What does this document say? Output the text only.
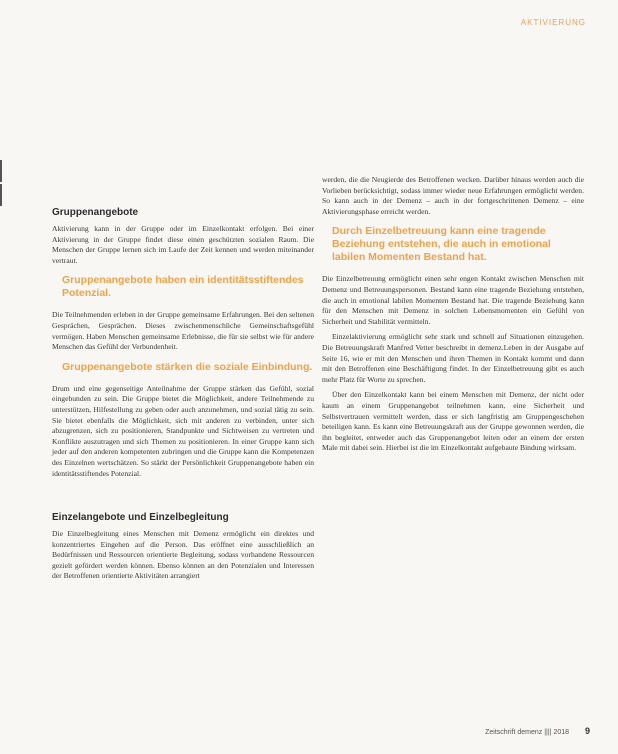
AKTIVIERUNG
Gruppenangebote

Aktivierung kann in der Gruppe oder im Einzelkontakt erfolgen. Bei einer Aktivierung in der Gruppe findet diese einen geschützten sozialen Raum. Die Menschen der Gruppe lernen sich im Laufe der Zeit kennen und werden miteinander vertraut.

Gruppenangebote haben ein identitätsstiftendes Potenzial.

Die Teilnehmenden erleben in der Gruppe gemeinsame Erfahrungen. Bei den seltenen Gesprächen, Gesprächen. Dieses zwischenmenschliche Gemeinschaftsgefühl vermögen. Haben Menschen gemeinsame Erlebnisse, die für sie selbst wie für andere Menschen das Gefühl der Verbundenheit.

Gruppenangebote stärken die soziale Einbindung.

Drum und eine gegenseitige Anteilnahme der Gruppe stärken das Gefühl, sozial eingebunden zu sein. Die Gruppe bietet die Möglichkeit, andere Teilnehmende zu unterstützen, Hilfestellung zu geben oder auch anzunehmen, und sozial tätig zu sein. Sie bietet ebenfalls die Möglichkeit, sich mit anderen zu verbinden, unter sich abzugrenzen, sich zu positionieren, Standpunkte und Sichtweisen zu vertreten und Konflikte auszutragen und sich Themen zu positionieren. In einer Gruppe kann sich jeder auf den anderen kompetenten zubringen und die Gruppe kann die Kompetenzen des Einzelnen wertschätzen. So stärkt der Persönlichkeit Gruppenangebote haben ein identitätsstiftendes Potenzial.

Einzelangebote und Einzelbegleitung

Die Einzelbegleitung eines Menschen mit Demenz ermöglicht ein direktes und konzentriertes Eingehen auf die Person. Das eröffnet eine ausschließlich an Bedürfnissen und Ressourcen orientierte Begleitung, sodass vorhandene Ressourcen gezielt gefördert werden können. Ebenso können an den Potenzialen und Interessen der Betroffenen orientierte Aktivitäten arrangiert

werden, die die Neugierde des Betroffenen wecken. Darüber hinaus werden auch die Vorlieben berücksichtigt, sodass immer wieder neue Erfahrungen ermöglicht werden. So kann auch in der Demenz – auch in der fortgeschrittenen Demenz – eine Aktivierungsphase erreicht werden.

Durch Einzelbetreuung kann eine tragende Beziehung entstehen, die auch in emotional labilen Momenten Bestand hat.

Die Einzelbetreuung ermöglicht einen sehr engen Kontakt zwischen Menschen mit Demenz und Betreuungspersonen. Bestand kann eine tragende Beziehung entstehen, die auch in emotional labilen Momenten Bestand hat. Die tragende Beziehung kann für den Menschen mit Demenz in solchen Lebensmomenten ein Gefühl von Sicherheit und Stabilität vermitteln.

Einzelaktivierung ermöglicht sehr stark und schnell auf Situationen einzugehen. Die Betreuungskraft Manfred Vetter beschreibt in demenz.Leben in der Ausgabe auf Seite 16, wie er mit den Menschen und ihren Themen in Kontakt kommt und dann mit den Betroffenen eine Beschäftigung findet. In der Einzelbetreuung gibt es auch mehr Platz für Worte zu sprechen.

Über den Einzelkontakt kann bei einem Menschen mit Demenz, der nicht oder kaum an einem Gruppenangebot teilnehmen kann, eine Sicherheit und Selbstvertrauen vermittelt werden, dass er sich langfristig am Gruppengeschehen beteiligen kann. Es kann eine Betreuungskraft aus der Gruppe gewonnen werden, die ihn begleitet, entweder auch das Gruppenangebot leiten oder an einem der ersten Male mit dabei sein. Hierbei ist die im Einzelkontakt aufgebaute Bindung wirksam.

Zeitschrift demenz |||| 2018 9
